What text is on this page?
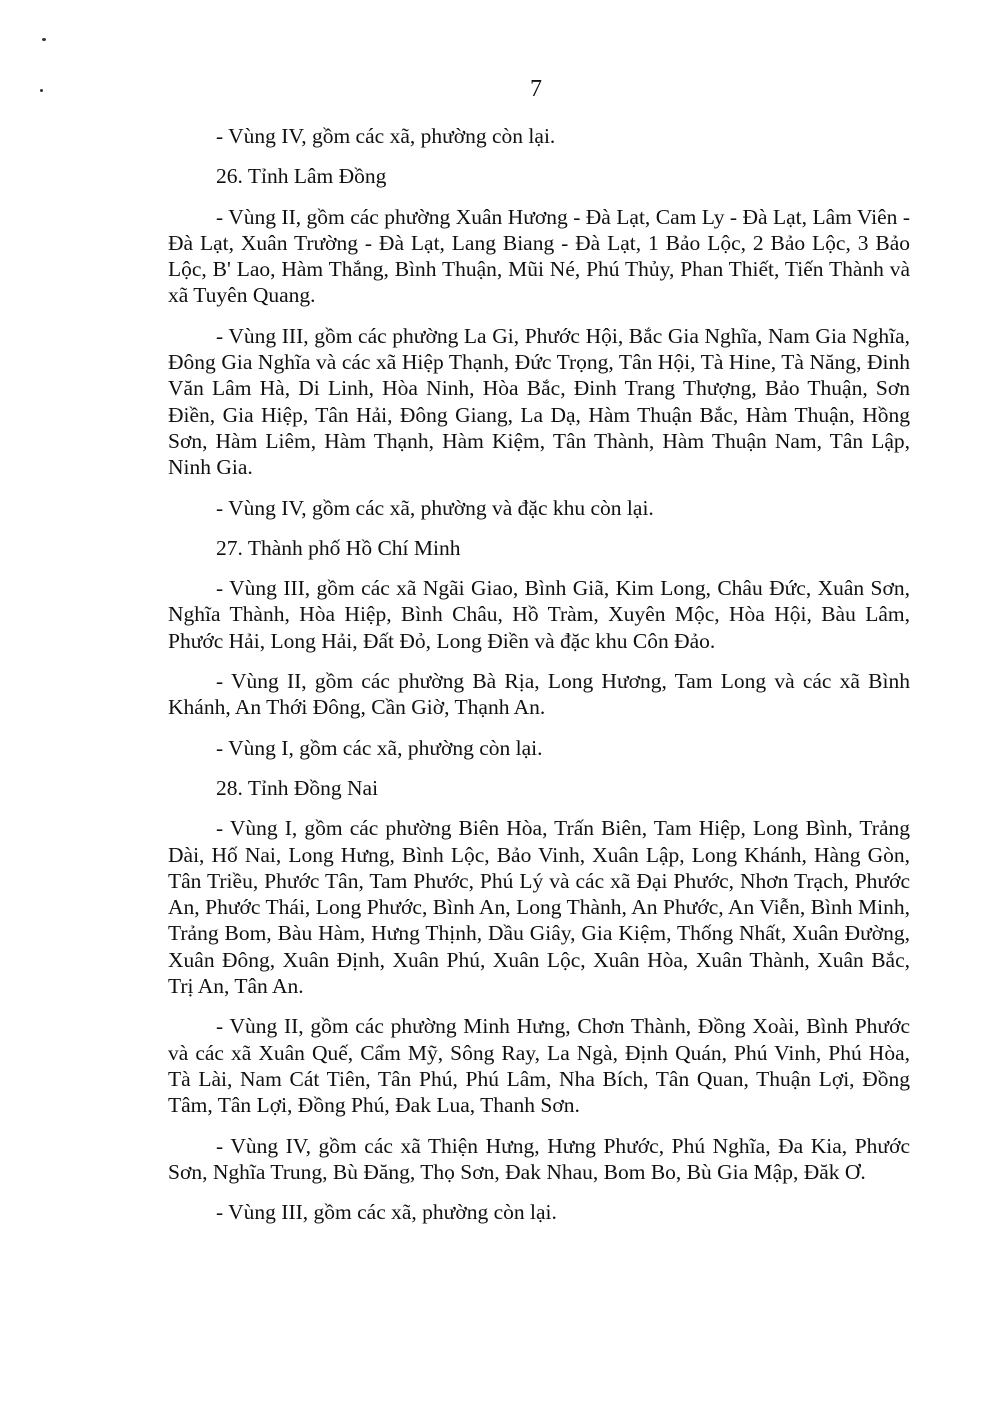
7

- Vùng IV, gồm các xã, phường còn lại.

26. Tỉnh Lâm Đồng

- Vùng II, gồm các phường Xuân Hương - Đà Lạt, Cam Ly - Đà Lạt, Lâm Viên - Đà Lạt, Xuân Trường - Đà Lạt, Lang Biang - Đà Lạt, 1 Bảo Lộc, 2 Bảo Lộc, 3 Bảo Lộc, B' Lao, Hàm Thắng, Bình Thuận, Mũi Né, Phú Thủy, Phan Thiết, Tiến Thành và xã Tuyên Quang.

- Vùng III, gồm các phường La Gi, Phước Hội, Bắc Gia Nghĩa, Nam Gia Nghĩa, Đông Gia Nghĩa và các xã Hiệp Thạnh, Đức Trọng, Tân Hội, Tà Hine, Tà Năng, Đinh Văn Lâm Hà, Di Linh, Hòa Ninh, Hòa Bắc, Đinh Trang Thượng, Bảo Thuận, Sơn Điền, Gia Hiệp, Tân Hải, Đông Giang, La Dạ, Hàm Thuận Bắc, Hàm Thuận, Hồng Sơn, Hàm Liêm, Hàm Thạnh, Hàm Kiệm, Tân Thành, Hàm Thuận Nam, Tân Lập, Ninh Gia.

- Vùng IV, gồm các xã, phường và đặc khu còn lại.

27. Thành phố Hồ Chí Minh

- Vùng III, gồm các xã Ngãi Giao, Bình Giã, Kim Long, Châu Đức, Xuân Sơn, Nghĩa Thành, Hòa Hiệp, Bình Châu, Hồ Tràm, Xuyên Mộc, Hòa Hội, Bàu Lâm, Phước Hải, Long Hải, Đất Đỏ, Long Điền và đặc khu Côn Đảo.

- Vùng II, gồm các phường Bà Rịa, Long Hương, Tam Long và các xã Bình Khánh, An Thới Đông, Cần Giờ, Thạnh An.

- Vùng I, gồm các xã, phường còn lại.

28. Tỉnh Đồng Nai

- Vùng I, gồm các phường Biên Hòa, Trấn Biên, Tam Hiệp, Long Bình, Trảng Dài, Hố Nai, Long Hưng, Bình Lộc, Bảo Vinh, Xuân Lập, Long Khánh, Hàng Gòn, Tân Triều, Phước Tân, Tam Phước, Phú Lý và các xã Đại Phước, Nhơn Trạch, Phước An, Phước Thái, Long Phước, Bình An, Long Thành, An Phước, An Viễn, Bình Minh, Trảng Bom, Bàu Hàm, Hưng Thịnh, Dầu Giây, Gia Kiệm, Thống Nhất, Xuân Đường, Xuân Đông, Xuân Định, Xuân Phú, Xuân Lộc, Xuân Hòa, Xuân Thành, Xuân Bắc, Trị An, Tân An.

- Vùng II, gồm các phường Minh Hưng, Chơn Thành, Đồng Xoài, Bình Phước và các xã Xuân Quế, Cẩm Mỹ, Sông Ray, La Ngà, Định Quán, Phú Vinh, Phú Hòa, Tà Lài, Nam Cát Tiên, Tân Phú, Phú Lâm, Nha Bích, Tân Quan, Thuận Lợi, Đồng Tâm, Tân Lợi, Đồng Phú, Đak Lua, Thanh Sơn.

- Vùng IV, gồm các xã Thiện Hưng, Hưng Phước, Phú Nghĩa, Đa Kia, Phước Sơn, Nghĩa Trung, Bù Đăng, Thọ Sơn, Đak Nhau, Bom Bo, Bù Gia Mập, Đăk Ơ.

- Vùng III, gồm các xã, phường còn lại.
